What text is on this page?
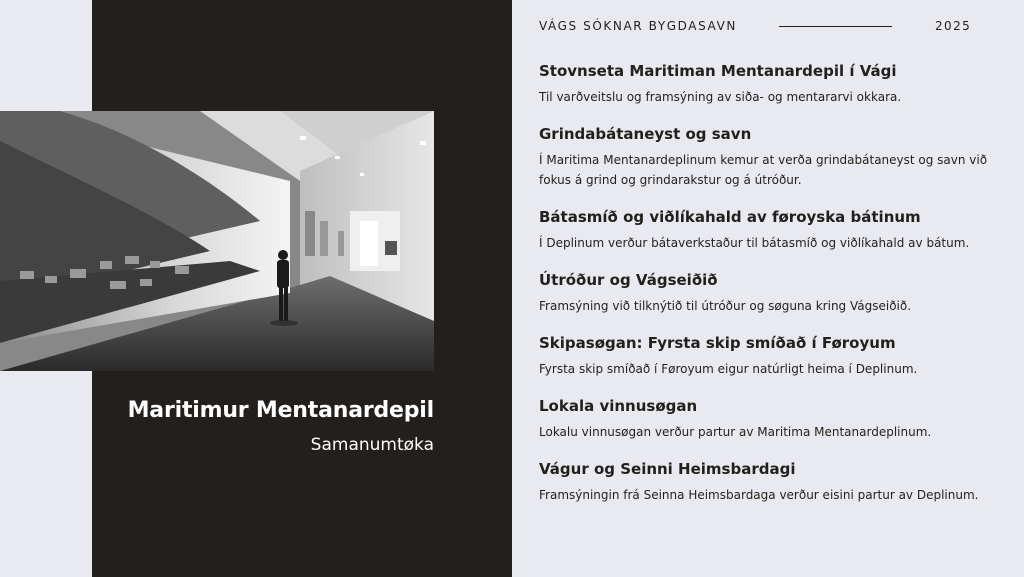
Maritimur Mentanardepil
Samanumtøka
VÁGS SÓKNAR BYGDASAVN	2025
Stovnseta Maritiman Mentanardepil í Vági

Til varðveitslu og framsýning av siða- og mentararvi okkara.

Grindabátaneyst og savn

Í Maritima Mentanardeplinum kemur at verða grindabátaneyst og savn við fokus á grind og grindarakstur og á útróður.

Bátasmíð og viðlíkahald av føroyska bátinum

Í Deplinum verður bátaverkstaður til bátasmíð og viðlíkahald av bátum.

Útróður og Vágseiðið

Framsýning við tilknýtið til útróður og søguna kring Vágseiðið.

Skipasøgan: Fyrsta skip smíðað í Føroyum

Fyrsta skip smíðað í Føroyum eigur natúrligt heima í Deplinum.

Lokala vinnusøgan

Lokalu vinnusøgan verður partur av Maritima Mentanardeplinum.

Vágur og Seinni Heimsbardagi

Framsýningin frá Seinna Heimsbardaga verður eisini partur av Deplinum.
